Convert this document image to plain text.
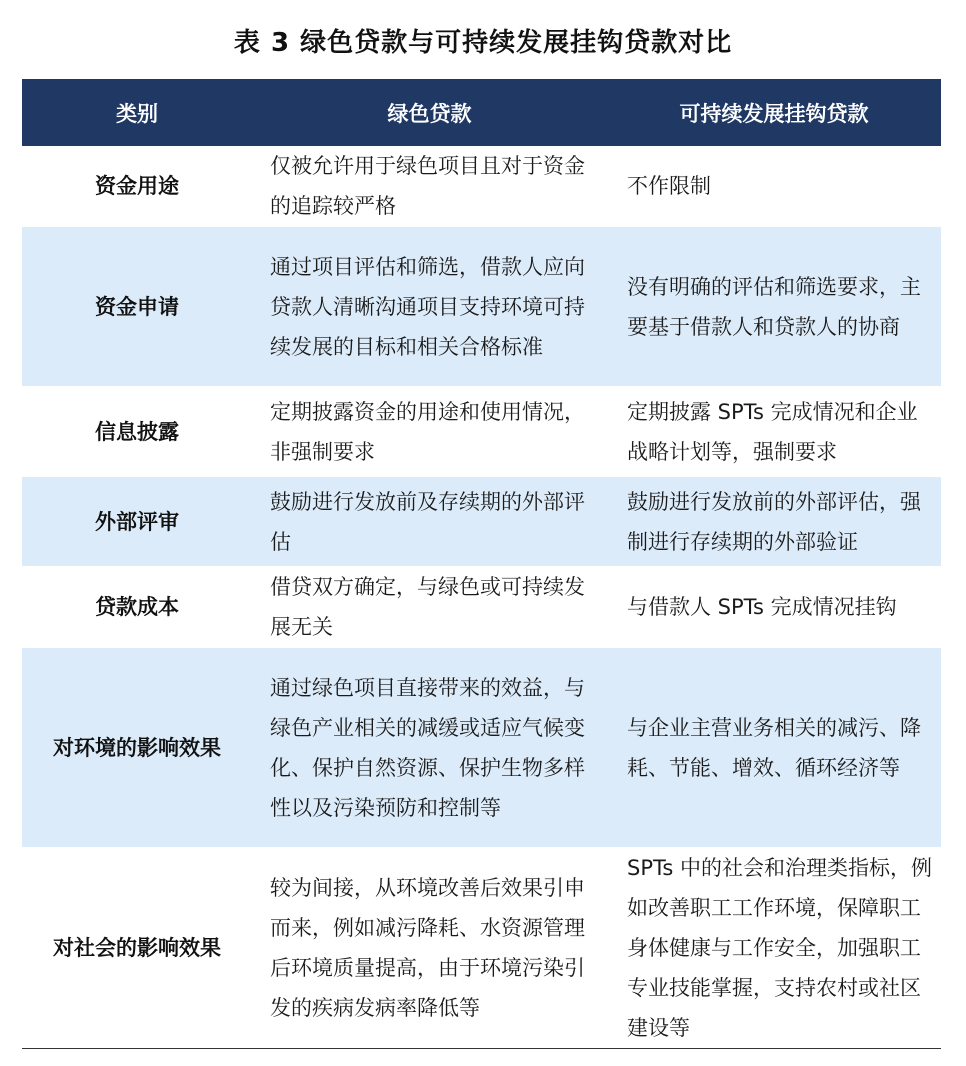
表 3 绿色贷款与可持续发展挂钩贷款对比
类别	绿色贷款	可持续发展挂钩贷款
资金用途	仅被允许用于绿色项目且对于资金的追踪较严格	不作限制
资金申请	通过项目评估和筛选，借款人应向贷款人清晰沟通项目支持环境可持续发展的目标和相关合格标准	没有明确的评估和筛选要求，主要基于借款人和贷款人的协商
信息披露	定期披露资金的用途和使用情况，非强制要求	定期披露 SPTs 完成情况和企业战略计划等，强制要求
外部评审	鼓励进行发放前及存续期的外部评估	鼓励进行发放前的外部评估，强制进行存续期的外部验证
贷款成本	借贷双方确定，与绿色或可持续发展无关	与借款人 SPTs 完成情况挂钩
对环境的影响效果	通过绿色项目直接带来的效益，与绿色产业相关的减缓或适应气候变化、保护自然资源、保护生物多样性以及污染预防和控制等	与企业主营业务相关的减污、降耗、节能、增效、循环经济等
对社会的影响效果	较为间接，从环境改善后效果引申而来，例如减污降耗、水资源管理后环境质量提高，由于环境污染引发的疾病发病率降低等	SPTs 中的社会和治理类指标，例如改善职工工作环境，保障职工身体健康与工作安全，加强职工专业技能掌握，支持农村或社区建设等
